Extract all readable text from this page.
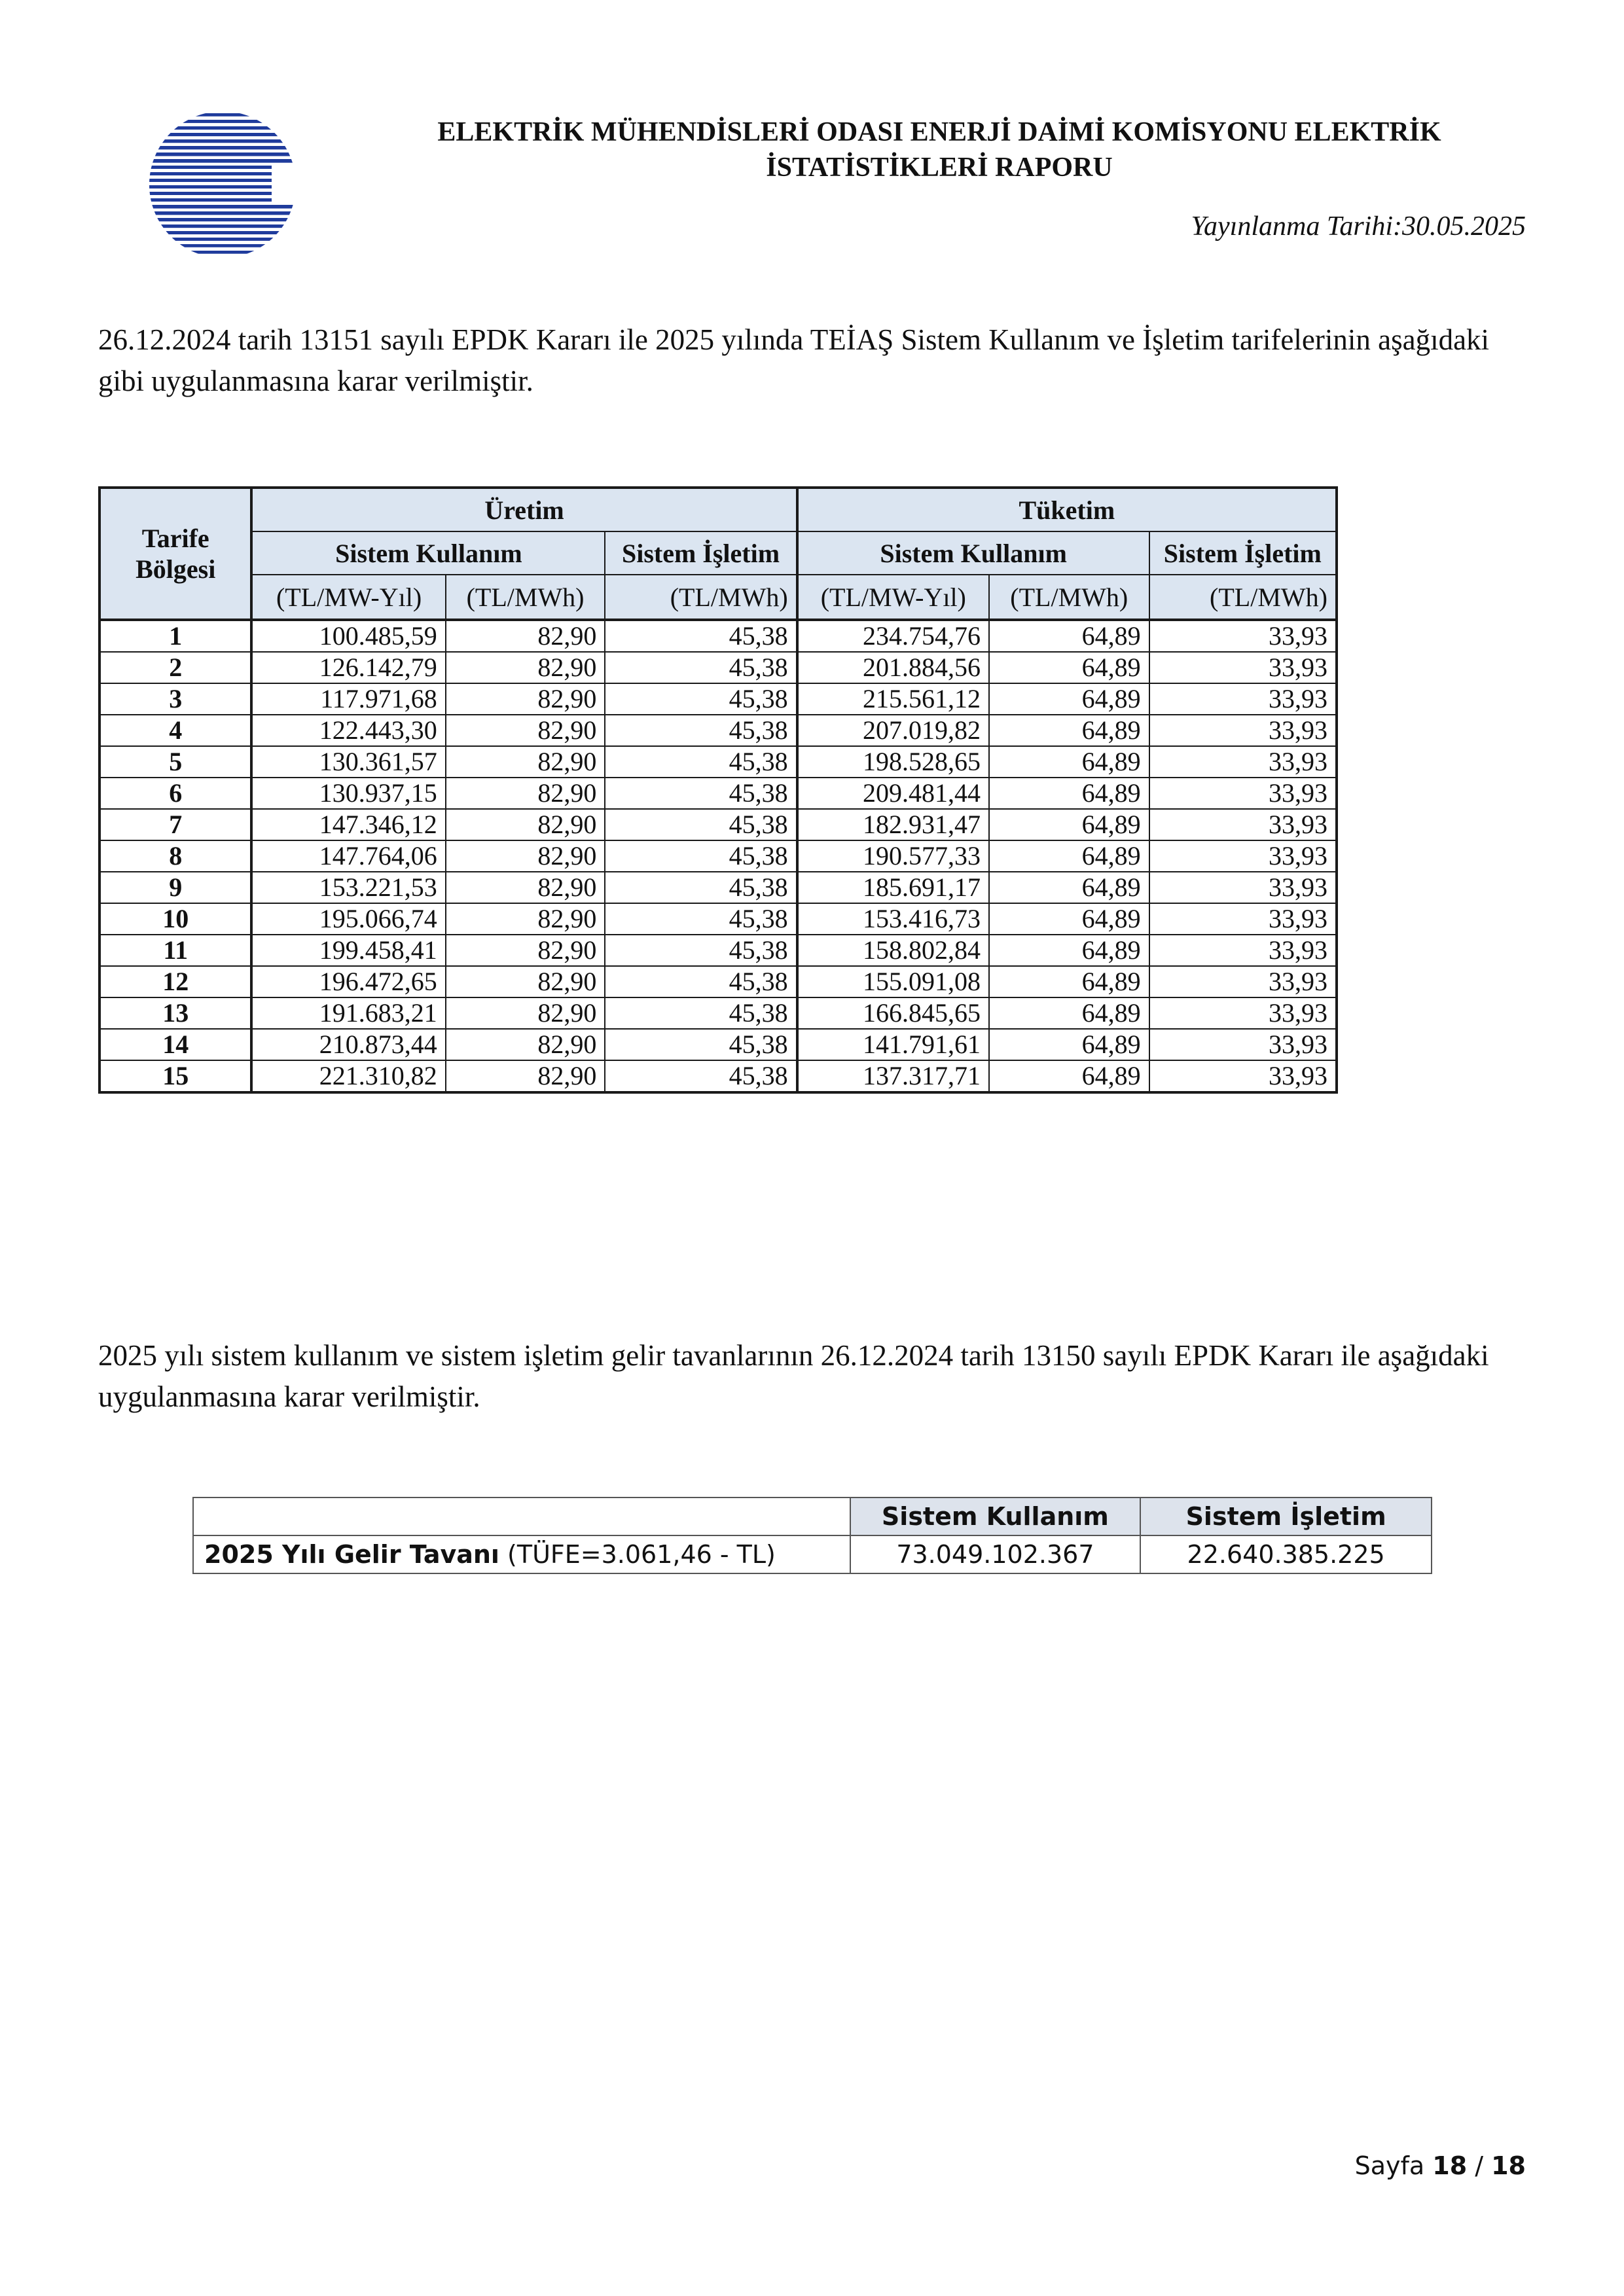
ELEKTRİK MÜHENDİSLERİ ODASI ENERJİ DAİMİ KOMİSYONU ELEKTRİK
İSTATİSTİKLERİ RAPORU
Yayınlanma Tarihi:30.05.2025

26.12.2024 tarih 13151 sayılı EPDK Kararı ile 2025 yılında TEİAŞ Sistem Kullanım ve İşletim tarifelerinin aşağıdaki gibi uygulanmasına karar verilmiştir.

Tarife Bölgesi	Üretim			Tüketim		
	Sistem Kullanım		Sistem İşletim	Sistem Kullanım		Sistem İşletim
	(TL/MW-Yıl)	(TL/MWh)	(TL/MWh)	(TL/MW-Yıl)	(TL/MWh)	(TL/MWh)
1	100.485,59	82,90	45,38	234.754,76	64,89	33,93
2	126.142,79	82,90	45,38	201.884,56	64,89	33,93
3	117.971,68	82,90	45,38	215.561,12	64,89	33,93
4	122.443,30	82,90	45,38	207.019,82	64,89	33,93
5	130.361,57	82,90	45,38	198.528,65	64,89	33,93
6	130.937,15	82,90	45,38	209.481,44	64,89	33,93
7	147.346,12	82,90	45,38	182.931,47	64,89	33,93
8	147.764,06	82,90	45,38	190.577,33	64,89	33,93
9	153.221,53	82,90	45,38	185.691,17	64,89	33,93
10	195.066,74	82,90	45,38	153.416,73	64,89	33,93
11	199.458,41	82,90	45,38	158.802,84	64,89	33,93
12	196.472,65	82,90	45,38	155.091,08	64,89	33,93
13	191.683,21	82,90	45,38	166.845,65	64,89	33,93
14	210.873,44	82,90	45,38	141.791,61	64,89	33,93
15	221.310,82	82,90	45,38	137.317,71	64,89	33,93

2025 yılı sistem kullanım ve sistem işletim gelir tavanlarının 26.12.2024 tarih 13150 sayılı EPDK Kararı ile aşağıdaki uygulanmasına karar verilmiştir.

	Sistem Kullanım	Sistem İşletim
2025 Yılı Gelir Tavanı (TÜFE=3.061,46 - TL)	73.049.102.367	22.640.385.225
Sayfa 18 / 18
